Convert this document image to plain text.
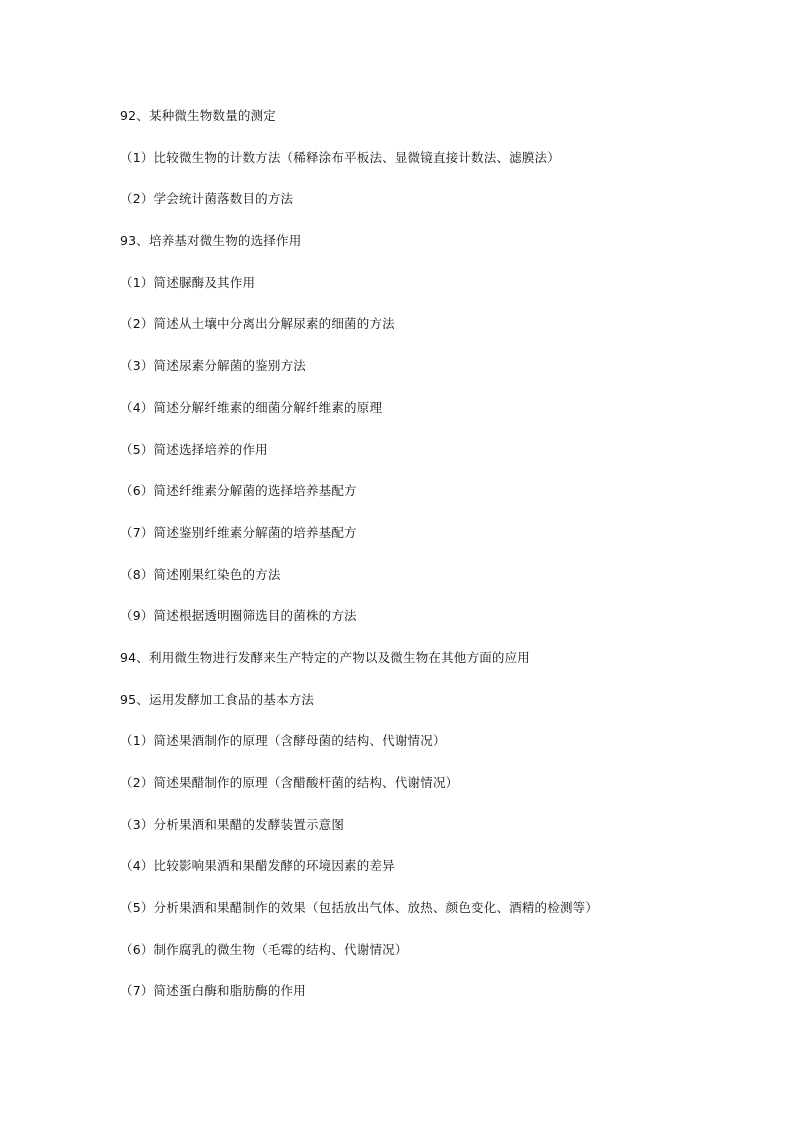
92、某种微生物数量的测定
（1）比较微生物的计数方法（稀释涂布平板法、显微镜直接计数法、滤膜法）
（2）学会统计菌落数目的方法
93、培养基对微生物的选择作用
（1）简述脲酶及其作用
（2）简述从土壤中分离出分解尿素的细菌的方法
（3）简述尿素分解菌的鉴别方法
（4）简述分解纤维素的细菌分解纤维素的原理
（5）简述选择培养的作用
（6）简述纤维素分解菌的选择培养基配方
（7）简述鉴别纤维素分解菌的培养基配方
（8）简述刚果红染色的方法
（9）简述根据透明圈筛选目的菌株的方法
94、利用微生物进行发酵来生产特定的产物以及微生物在其他方面的应用
95、运用发酵加工食品的基本方法
（1）简述果酒制作的原理（含酵母菌的结构、代谢情况）
（2）简述果醋制作的原理（含醋酸杆菌的结构、代谢情况）
（3）分析果酒和果醋的发酵装置示意图
（4）比较影响果酒和果醋发酵的环境因素的差异
（5）分析果酒和果醋制作的效果（包括放出气体、放热、颜色变化、酒精的检测等）
（6）制作腐乳的微生物（毛霉的结构、代谢情况）
（7）简述蛋白酶和脂肪酶的作用
